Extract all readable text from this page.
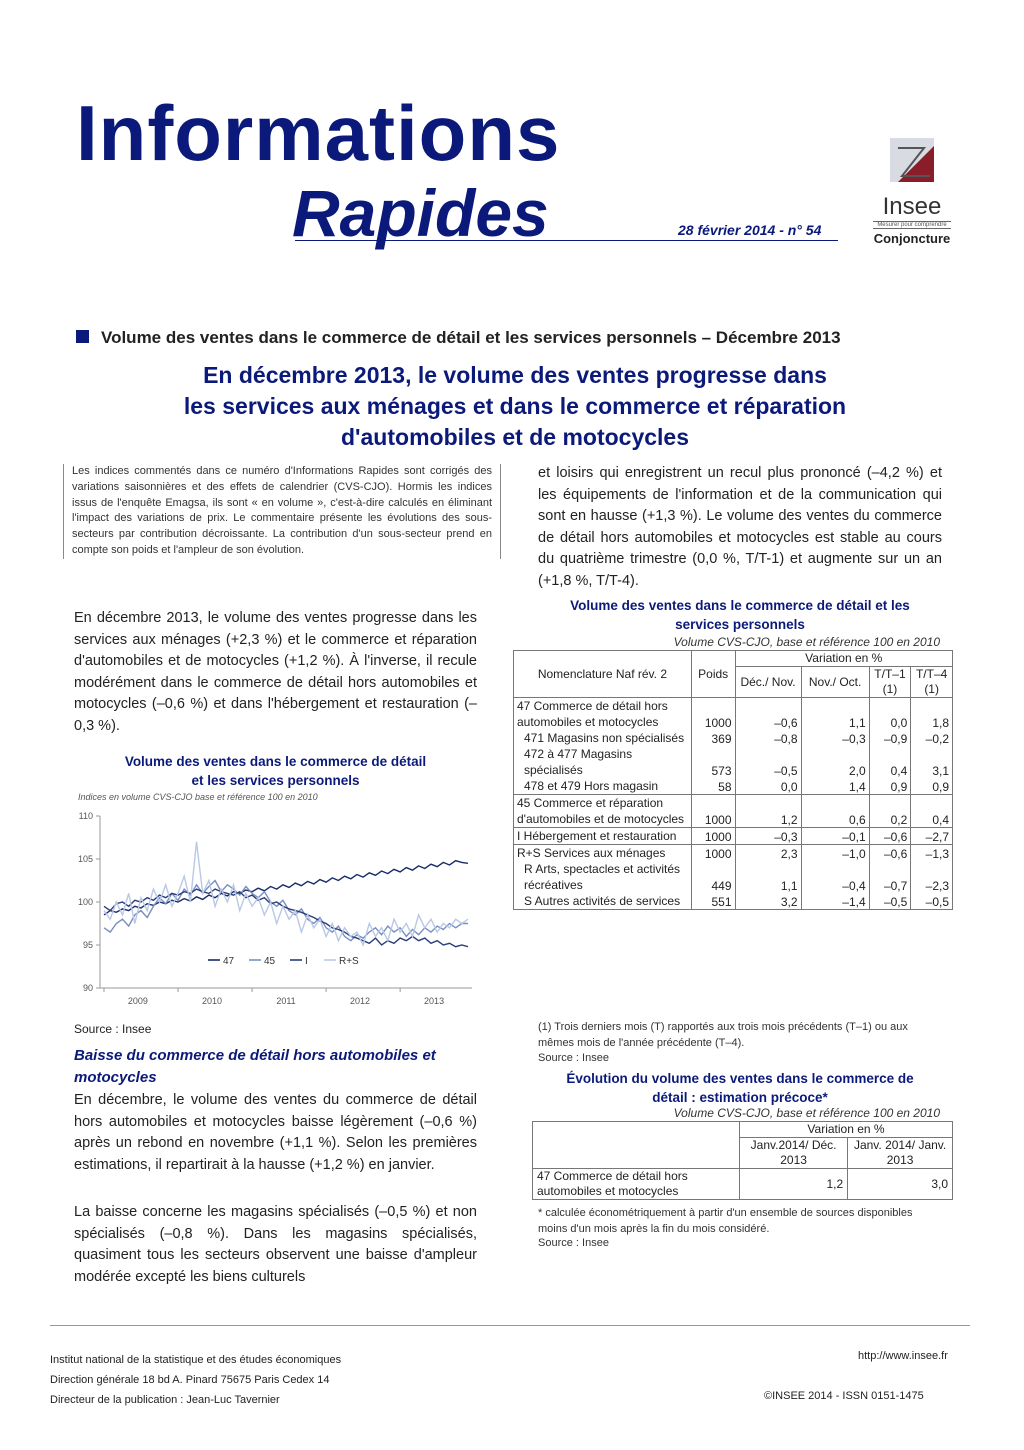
Informations
Rapides	28 février 2014 - n° 54
Insee
Mesurer pour comprendre
Conjoncture
Volume des ventes dans le commerce de détail et les services personnels – Décembre 2013
En décembre 2013, le volume des ventes progresse dans
les services aux ménages et dans le commerce et réparation
d'automobiles et de motocycles
Les indices commentés dans ce numéro d'Informations Rapides sont corrigés des variations saisonnières et des effets de calendrier (CVS-CJO). Hormis les indices issus de l'enquête Emagsa, ils sont « en volume », c'est-à-dire calculés en éliminant l'impact des variations de prix. Le commentaire présente les évolutions des sous-secteurs par contribution décroissante. La contribution d'un sous-secteur prend en compte son poids et l'ampleur de son évolution.
En décembre 2013, le volume des ventes progresse dans les services aux ménages (+2,3 %) et le commerce et réparation d'automobiles et de motocycles (+1,2 %). À l'inverse, il recule modérément dans le commerce de détail hors automobiles et motocycles (–0,6 %) et dans l'hébergement et restauration (–0,3 %).
Volume des ventes dans le commerce de détail
et les services personnels
Indices en volume CVS-CJO base et référence 100 en 2010
90
95
100
105
110
2009	2010	2011	2012	2013
47	45	I	R+S
Source : Insee
Baisse du commerce de détail hors automobiles et motocycles
En décembre, le volume des ventes du commerce de détail hors automobiles et motocycles baisse légèrement (–0,6 %) après un rebond en novembre (+1,1 %). Selon les premières estimations, il repartirait à la hausse (+1,2 %) en janvier.
La baisse concerne les magasins spécialisés (–0,5 %) et non spécialisés (–0,8 %). Dans les magasins spécialisés, quasiment tous les secteurs observent une baisse d'ampleur modérée excepté les biens culturels
et loisirs qui enregistrent un recul plus prononcé (–4,2 %) et les équipements de l'information et de la communication qui sont en hausse (+1,3 %). Le volume des ventes du commerce de détail hors automobiles et motocycles est stable au cours du quatrième trimestre (0,0 %, T/T-1) et augmente sur un an (+1,8 %, T/T-4).
Volume des ventes dans le commerce de détail et les
services personnels
Volume CVS-CJO, base et référence 100 en 2010
Nomenclature Naf rév. 2	Poids	Variation en %			
		Déc./ Nov.	Nov./ Oct.	T/T–1 (1)	T/T–4 (1)
47 Commerce de détail hors automobiles et motocycles	1000	–0,6	1,1	0,0	1,8
471 Magasins non spécialisés	369	–0,8	–0,3	–0,9	–0,2
472 à 477 Magasins spécialisés	573	–0,5	2,0	0,4	3,1
478 et 479 Hors magasin	58	0,0	1,4	0,9	0,9
45 Commerce et réparation d'automobiles et de motocycles	1000	1,2	0,6	0,2	0,4
I Hébergement et restauration	1000	–0,3	–0,1	–0,6	–2,7
R+S Services aux ménages	1000	2,3	–1,0	–0,6	–1,3
R Arts, spectacles et activités récréatives	449	1,1	–0,4	–0,7	–2,3
S Autres activités de services	551	3,2	–1,4	–0,5	–0,5
(1) Trois derniers mois (T) rapportés aux trois mois précédents (T–1) ou aux mêmes mois de l'année précédente (T–4).
Source : Insee
Évolution du volume des ventes dans le commerce de
détail : estimation précoce*
Volume CVS-CJO, base et référence 100 en 2010
	Variation en %	
	Janv.2014/ Déc. 2013	Janv. 2014/ Janv. 2013
47 Commerce de détail hors automobiles et motocycles	1,2	3,0
* calculée économétriquement à partir d'un ensemble de sources disponibles moins d'un mois après la fin du mois considéré.
Source : Insee
Institut national de la statistique et des études économiques
Direction générale 18 bd A. Pinard 75675 Paris Cedex 14
Directeur de la publication : Jean-Luc Tavernier
http://www.insee.fr
©INSEE 2014 - ISSN 0151-1475
